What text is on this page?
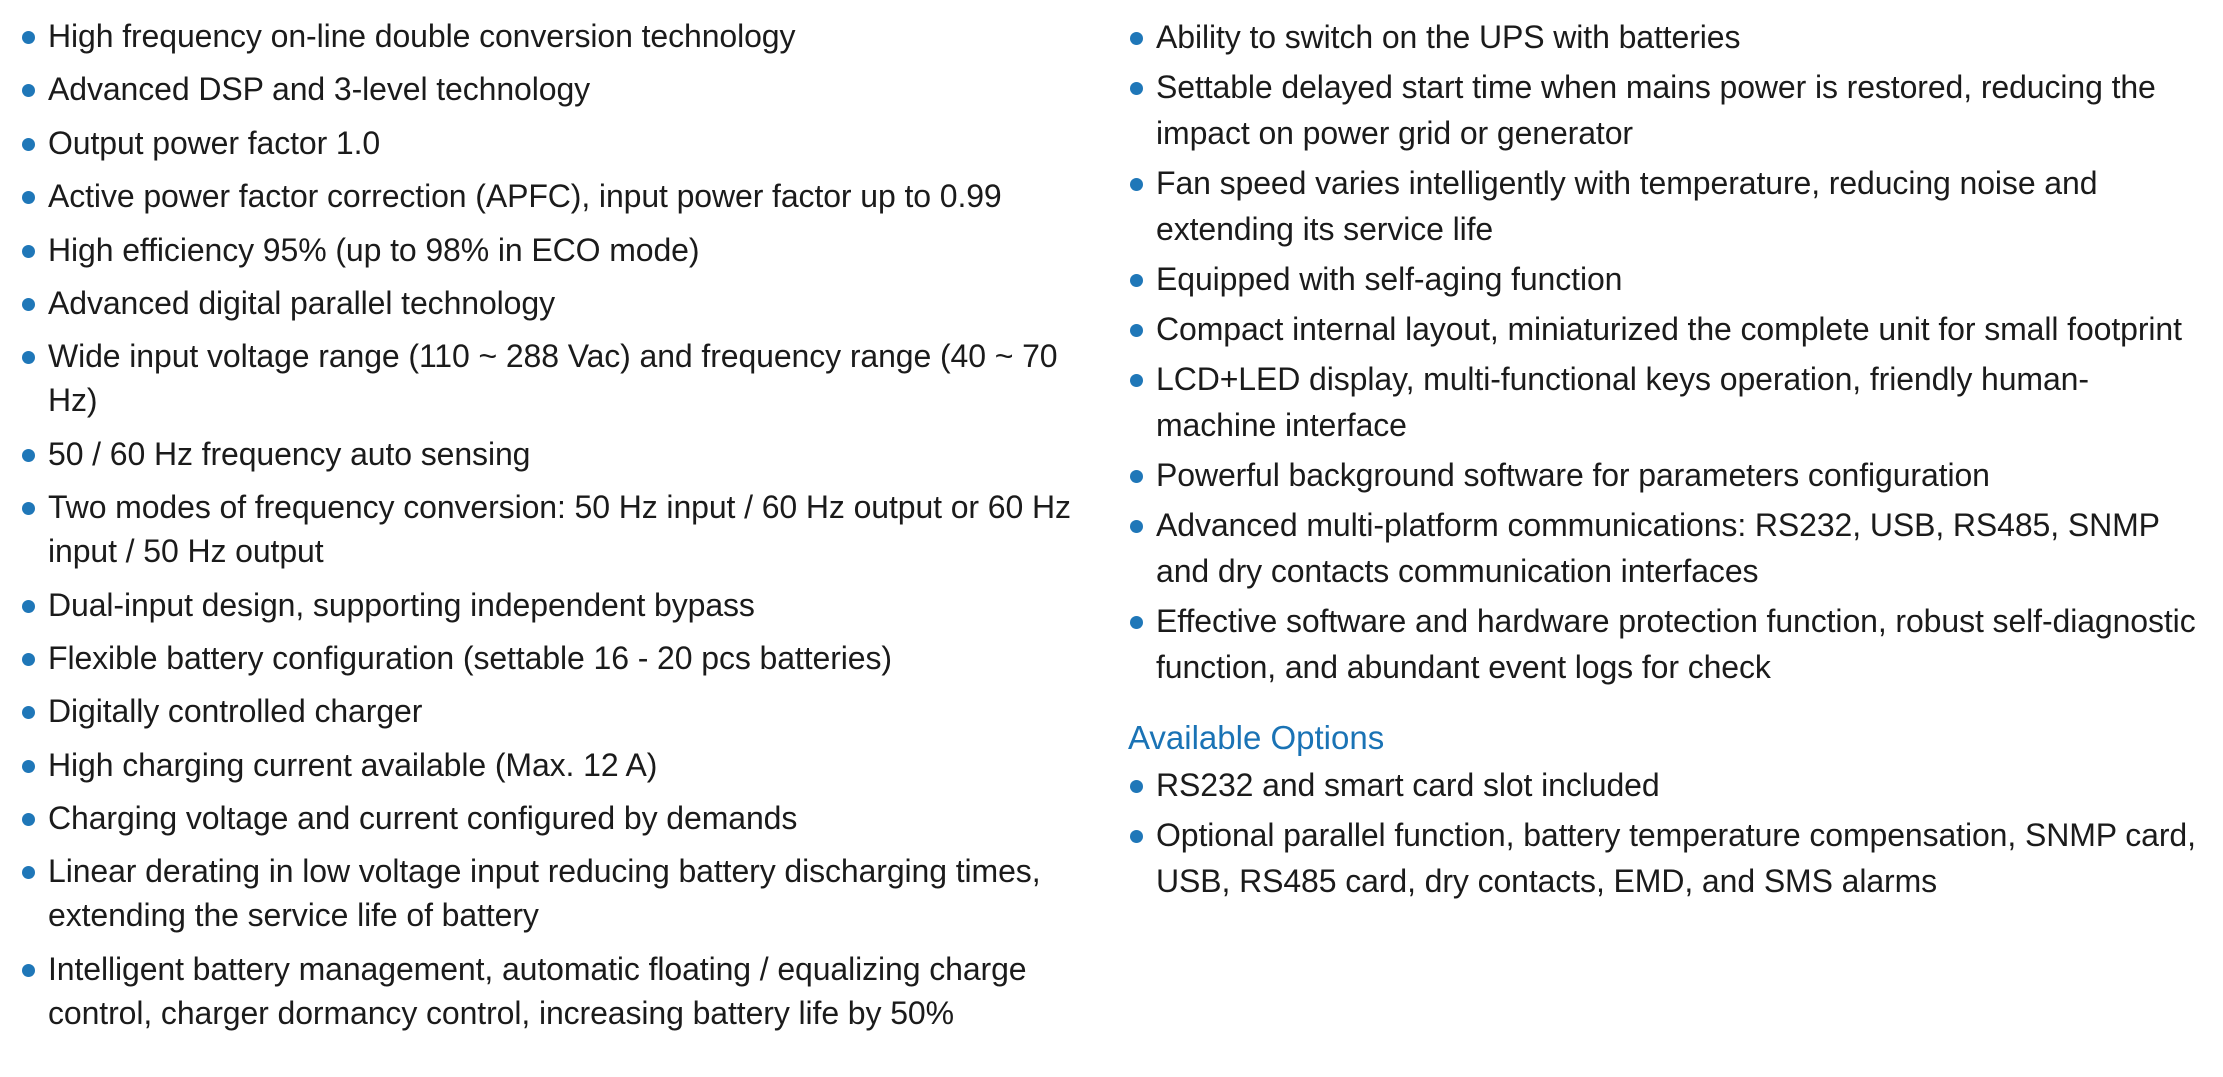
High frequency on-line double conversion technology
Advanced DSP and 3-level technology
Output power factor 1.0
Active power factor correction (APFC), input power factor up to 0.99
High efficiency 95% (up to 98% in ECO mode)
Advanced digital parallel technology
Wide input voltage range (110 ~ 288 Vac) and frequency range (40 ~ 70 Hz)
50 / 60 Hz frequency auto sensing
Two modes of frequency conversion: 50 Hz input / 60 Hz output or 60 Hz input / 50 Hz output
Dual-input design, supporting independent bypass
Flexible battery configuration (settable 16 - 20 pcs batteries)
Digitally controlled charger
High charging current available (Max. 12 A)
Charging voltage and current configured by demands
Linear derating in low voltage input reducing battery discharging times, extending the service life of battery
Intelligent battery management, automatic floating / equalizing charge control, charger dormancy control, increasing battery life by 50%
Ability to switch on the UPS with batteries
Settable delayed start time when mains power is restored, reducing the impact on power grid or generator
Fan speed varies intelligently with temperature, reducing noise and extending its service life
Equipped with self-aging function
Compact internal layout, miniaturized the complete unit for small footprint
LCD+LED display, multi-functional keys operation, friendly human-machine interface
Powerful background software for parameters configuration
Advanced multi-platform communications: RS232, USB, RS485, SNMP and dry contacts communication interfaces
Effective software and hardware protection function, robust self-diagnostic function, and abundant event logs for check
Available Options
RS232 and smart card slot included
Optional parallel function, battery temperature compensation, SNMP card, USB, RS485 card, dry contacts, EMD, and SMS alarms
